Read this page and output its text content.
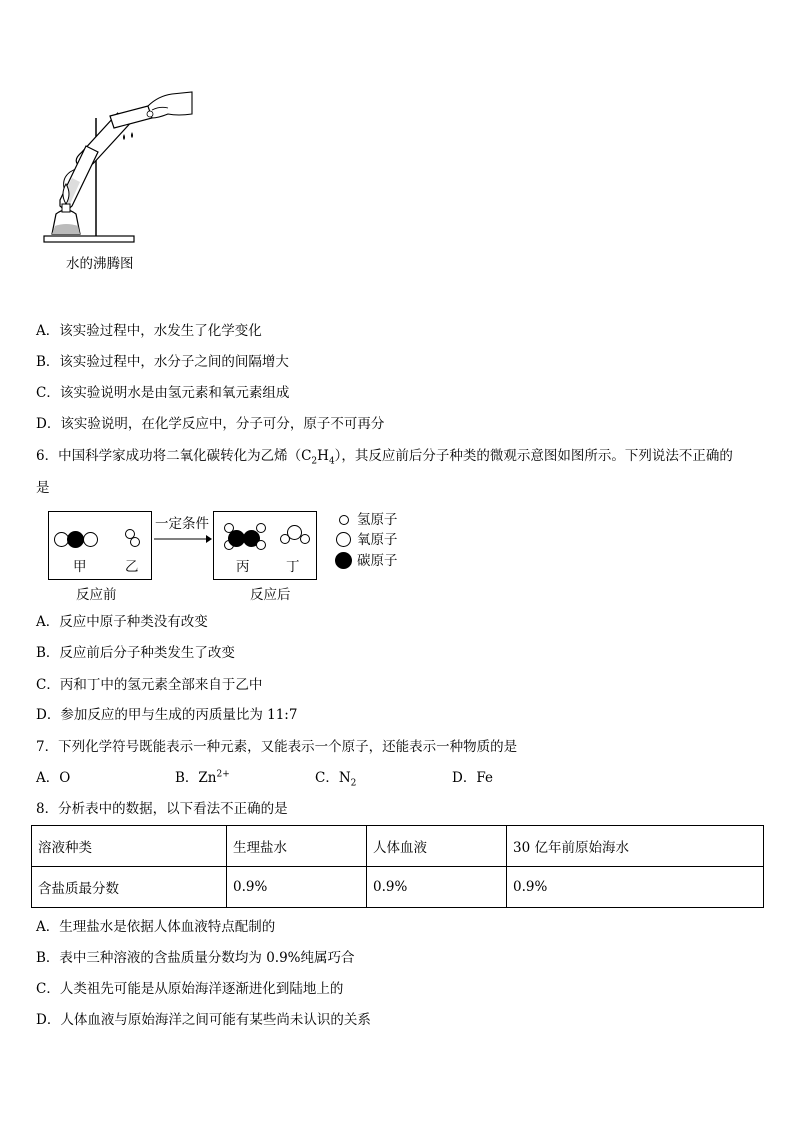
水的沸腾图
A．该实验过程中，水发生了化学变化
B．该实验过程中，水分子之间的间隔增大
C．该实验说明水是由氢元素和氧元素组成
D．该实验说明，在化学反应中，分子可分，原子不可再分
6．中国科学家成功将二氧化碳转化为乙烯$(C_2H_4)$，其反应前后分子种类的微观示意图如图所示。下列说法不正确的
是
甲	乙
一定条件
丙	丁
反应前	反应后
氢原子
氧原子
碳原子
A．反应中原子种类没有改变
B．反应前后分子种类发生了改变
C．丙和丁中的氢元素全部来自于乙中
D．参加反应的甲与生成的丙质量比为 11:7
7．下列化学符号既能表示一种元素，又能表示一个原子，还能表示一种物质的是
A．O	B．$Zn^{2+}$	C．$N_2$	D．Fe
8．分析表中的数据，以下看法不正确的是
溶液种类	生理盐水	人体血液	30 亿年前原始海水
含盐质最分数	0.9%	0.9%	0.9%
A．生理盐水是依据人体血液特点配制的
B．表中三种溶液的含盐质量分数均为 0.9%纯属巧合
C．人类祖先可能是从原始海洋逐渐进化到陆地上的
D．人体血液与原始海洋之间可能有某些尚未认识的关系
